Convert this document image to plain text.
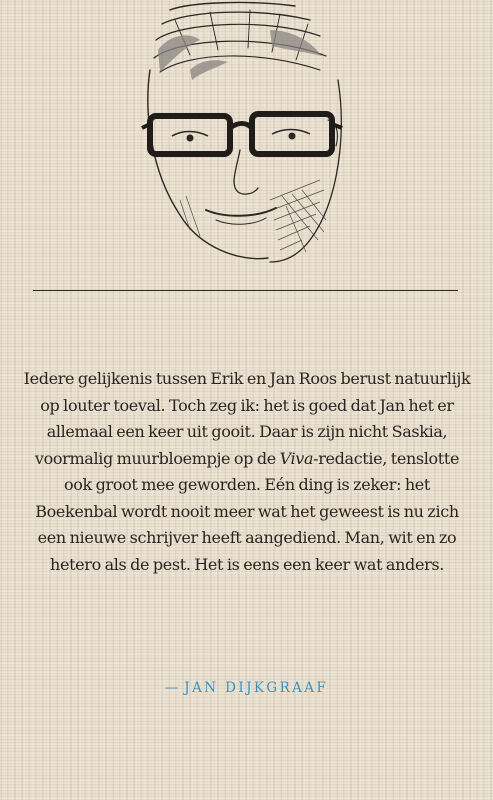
Iedere gelijkenis tussen Erik en Jan Roos berust natuurlijk op louter toeval. Toch zeg ik: het is goed dat Jan het er allemaal een keer uit gooit. Daar is zijn nicht Saskia, voormalig muurbloempje op de Viva-redactie, tenslotte ook groot mee geworden. Eén ding is zeker: het Boekenbal wordt nooit meer wat het geweest is nu zich een nieuwe schrijver heeft aangediend. Man, wit en zo hetero als de pest. Het is eens een keer wat anders.

— JAN DIJKGRAAF
